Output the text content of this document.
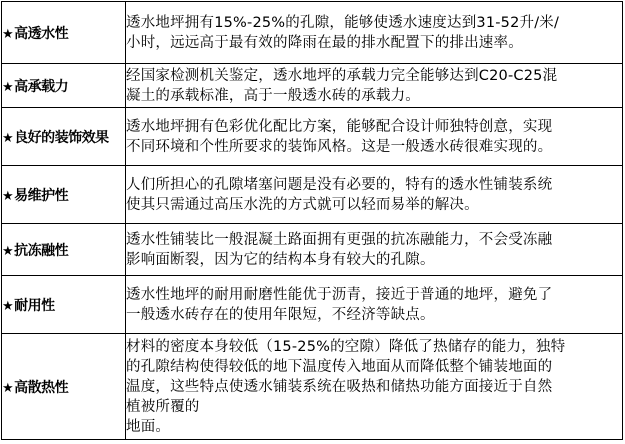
★高透水性	透水地坪拥有15%-25%的孔隙，能够使透水速度达到31-52升/米/
小时，远远高于最有效的降雨在最的排水配置下的排出速率。

★高承载力	经国家检测机关鉴定，透水地坪的承载力完全能够达到C20-C25混
凝土的承载标准，高于一般透水砖的承载力。

★良好的装饰效果	透水地坪拥有色彩优化配比方案，能够配合设计师独特创意，实现
不同环境和个性所要求的装饰风格。这是一般透水砖很难实现的。

★易维护性	人们所担心的孔隙堵塞问题是没有必要的，特有的透水性铺装系统
使其只需通过高压水洗的方式就可以轻而易举的解决。

★抗冻融性	透水性铺装比一般混凝土路面拥有更强的抗冻融能力，不会受冻融
影响面断裂，因为它的结构本身有较大的孔隙。

★耐用性	透水性地坪的耐用耐磨性能优于沥青，接近于普通的地坪，避免了
一般透水砖存在的使用年限短，不经济等缺点。

★高散热性	材料的密度本身较低（15-25%的空隙）降低了热储存的能力，独特
的孔隙结构使得较低的地下温度传入地面从而降低整个铺装地面的
温度，这些特点使透水铺装系统在吸热和储热功能方面接近于自然
植被所覆的
地面。
